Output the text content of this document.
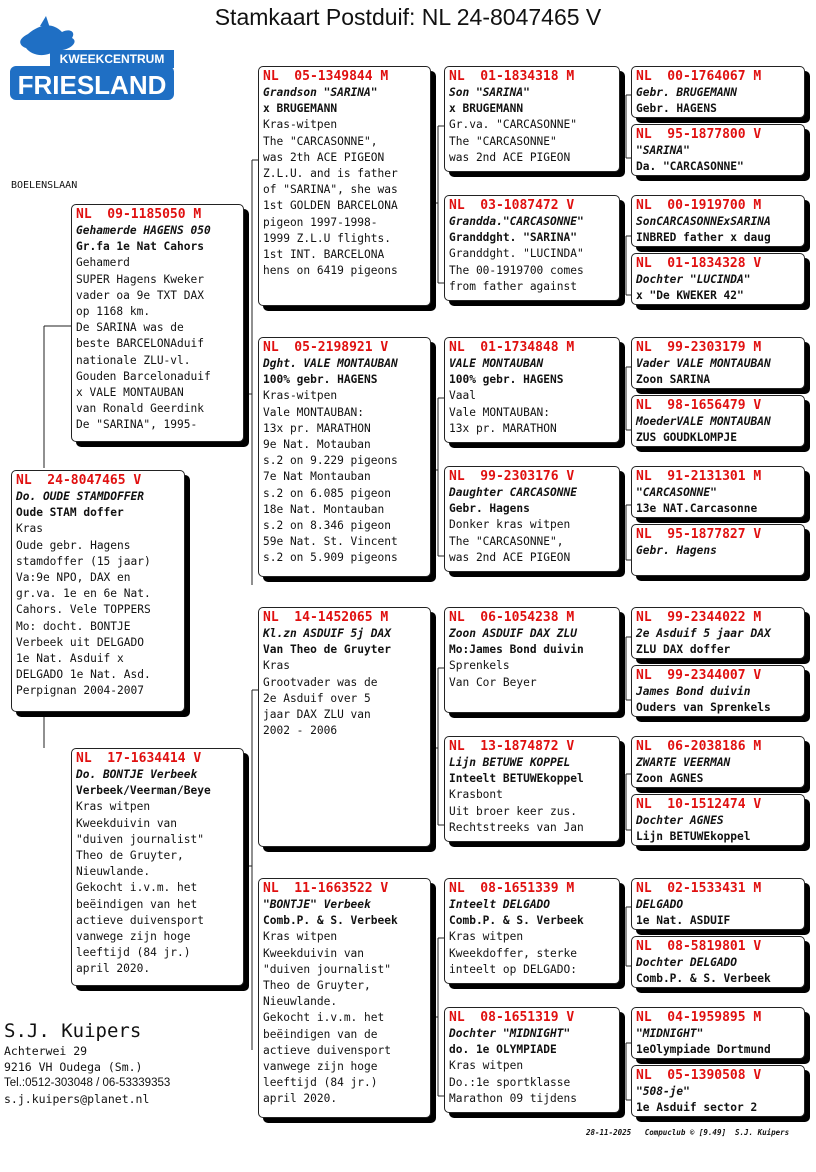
Stamkaart Postduif: NL 24-8047465 V
KWEEKCENTRUM
FRIESLAND
BOELENSLAAN
NL  24-8047465 V
Do. OUDE STAMDOFFER
Oude STAM doffer
Kras
Oude gebr. Hagens
stamdoffer (15 jaar)
Va:9e NPO, DAX en
gr.va. 1e en 6e Nat.
Cahors. Vele TOPPERS
Mo: docht. BONTJE
Verbeek uit DELGADO
1e Nat. Asduif x
DELGADO 1e Nat. Asd.
Perpignan 2004-2007
NL  09-1185050 M
Gehamerde HAGENS 050
Gr.fa 1e Nat Cahors
Gehamerd
SUPER Hagens Kweker
vader oa 9e TXT DAX
op 1168 km.
De SARINA was de
beste BARCELONAduif
nationale ZLU-vl.
Gouden Barcelonaduif
x VALE MONTAUBAN
van Ronald Geerdink
De "SARINA", 1995-
NL  17-1634414 V
Do. BONTJE Verbeek
Verbeek/Veerman/Beye
Kras witpen
Kweekduivin van
"duiven journalist"
Theo de Gruyter,
Nieuwlande.
Gekocht i.v.m. het
beëindigen van het
actieve duivensport
vanwege zijn hoge
leeftijd (84 jr.)
april 2020.
NL  05-1349844 M
Grandson "SARINA"
x BRUGEMANN
Kras-witpen
The "CARCASONNE",
was 2th ACE PIGEON
Z.L.U. and is father
of "SARINA", she was
1st GOLDEN BARCELONA
pigeon 1997-1998-
1999 Z.L.U flights.
1st INT. BARCELONA
hens on 6419 pigeons
NL  05-2198921 V
Dght. VALE MONTAUBAN
100% gebr. HAGENS
Kras-witpen
Vale MONTAUBAN:
13x pr. MARATHON
9e Nat. Motauban
s.2 on 9.229 pigeons
7e Nat Montauban
s.2 on 6.085 pigeon
18e Nat. Montauban
s.2 on 8.346 pigeon
59e Nat. St. Vincent
s.2 on 5.909 pigeons
NL  14-1452065 M
Kl.zn ASDUIF 5j DAX
Van Theo de Gruyter
Kras
Grootvader was de
2e Asduif over 5
jaar DAX ZLU van
2002 - 2006
NL  11-1663522 V
"BONTJE" Verbeek
Comb.P. & S. Verbeek
Kras witpen
Kweekduivin van
"duiven journalist"
Theo de Gruyter,
Nieuwlande.
Gekocht i.v.m. het
beëindigen van de
actieve duivensport
vanwege zijn hoge
leeftijd (84 jr.)
april 2020.
NL  01-1834318 M
Son "SARINA"
x BRUGEMANN
Gr.va. "CARCASONNE"
The "CARCASONNE"
was 2nd ACE PIGEON
NL  03-1087472 V
Granddа."CARCASONNE"
Granddght. "SARINA"
Granddght. "LUCINDA"
The 00-1919700 comes
from father against
NL  01-1734848 M
VALE MONTAUBAN
100% gebr. HAGENS
Vaal
Vale MONTAUBAN:
13x pr. MARATHON
NL  99-2303176 V
Daughter CARCASONNE
Gebr. Hagens
Donker kras witpen
The "CARCASONNE",
was 2nd ACE PIGEON
NL  06-1054238 M
Zoon ASDUIF DAX ZLU
Mo:James Bond duivin
Sprenkels
Van Cor Beyer
NL  13-1874872 V
Lijn BETUWE KOPPEL
Inteelt BETUWEkoppel
Krasbont
Uit broer keer zus.
Rechtstreeks van Jan
NL  08-1651339 M
Inteelt DELGADO
Comb.P. & S. Verbeek
Kras witpen
Kweekdoffer, sterke
inteelt op DELGADO:
NL  08-1651319 V
Dochter "MIDNIGHT"
do. 1e OLYMPIADE
Kras witpen
Do.:1e sportklasse
Marathon 09 tijdens
NL  00-1764067 M
Gebr. BRUGEMANN
Gebr. HAGENS
NL  95-1877800 V
"SARINA"
Da. "CARCASONNE"
NL  00-1919700 M
SonCARCASONNExSARINA
INBRED father x daug
NL  01-1834328 V
Dochter "LUCINDA"
x "De KWEKER 42"
NL  99-2303179 M
Vader VALE MONTAUBAN
Zoon SARINA
NL  98-1656479 V
MoederVALE MONTAUBAN
ZUS GOUDKLOMPJE
NL  91-2131301 M
"CARCASONNE"
13e NAT.Carcasonne
NL  95-1877827 V
Gebr. Hagens
NL  99-2344022 M
2e Asduif 5 jaar DAX
ZLU DAX doffer
NL  99-2344007 V
James Bond duivin
Ouders van Sprenkels
NL  06-2038186 M
ZWARTE VEERMAN
Zoon AGNES
NL  10-1512474 V
Dochter AGNES
Lijn BETUWEkoppel
NL  02-1533431 M
DELGADO
1e Nat. ASDUIF
NL  08-5819801 V
Dochter DELGADO
Comb.P. & S. Verbeek
NL  04-1959895 M
"MIDNIGHT"
1eOlympiade Dortmund
NL  05-1390508 V
"508-je"
1e Asduif sector 2
S.J. Kuipers
Achterwei 29
9216 VH Oudega (Sm.)
Tel.:0512-303048 / 06-53339353
s.j.kuipers@planet.nl
28-11-2025   Compuclub © [9.49]  S.J. Kuipers
